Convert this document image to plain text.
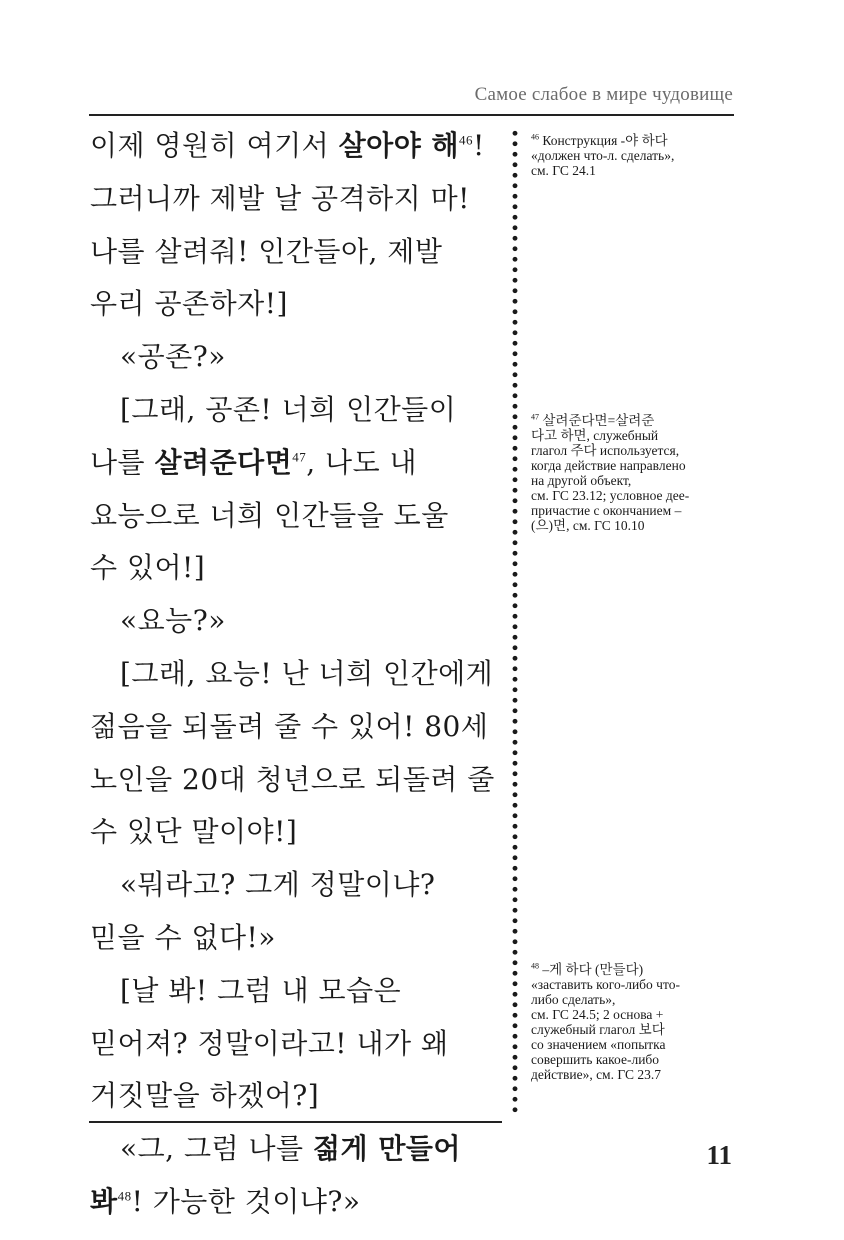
Самое слабое в мире чудовище
이제 영원히 여기서 살아야 해$^{46}$!
그러니까 제발 날 공격하지 마!
나를 살려줘! 인간들아, 제발
우리 공존하자!]
«공존?»
[그래, 공존! 너희 인간들이
나를 살려준다면$^{47}$, 나도 내
요능으로 너희 인간들을 도울
수 있어!]
«요능?»
[그래, 요능! 난 너희 인간에게
젊음을 되돌려 줄 수 있어! 80세
노인을 20대 청년으로 되돌려 줄
수 있단 말이야!]
«뭐라고? 그게 정말이냐?
믿을 수 없다!»
[날 봐! 그럼 내 모습은
믿어져? 정말이라고! 내가 왜
거짓말을 하겠어?]
«그, 그럼 나를 젊게 만들어
봐$^{48}$! 가능한 것이냐?»
$^{46}$ Конструкция -야 하다
«должен что-л. сделать»,
см. ГС 24.1
$^{47}$ 살려준다면=살려준
다고 하면, служебный
глагол 주다 используется,
когда действие направлено
на другой объект,
см. ГС 23.12; условное дее-
причастие с окончанием –
(으)면, см. ГС 10.10
$^{48}$ –게 하다 (만들다)
«заставить кого-либо что-
либо сделать»,
см. ГС 24.5; 2 основа +
служебный глагол 보다
со значением «попытка
совершить какое-либо
действие», см. ГС 23.7
11
